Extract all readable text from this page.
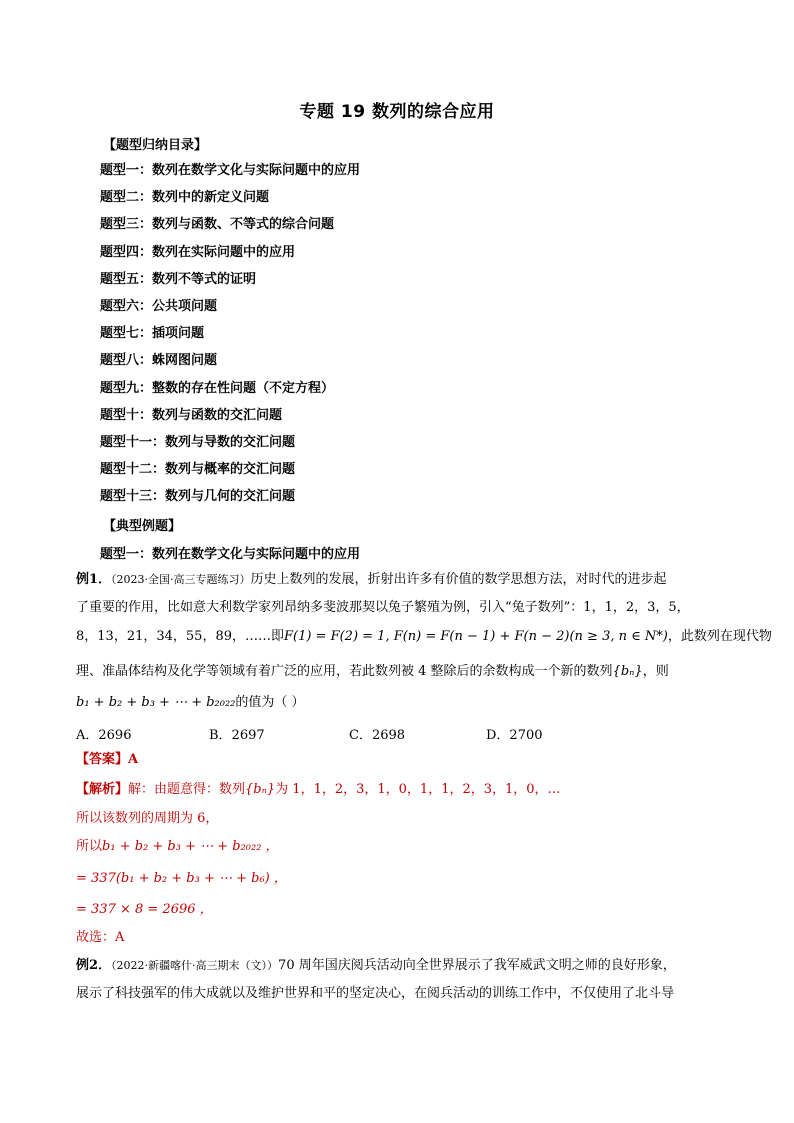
专题 19 数列的综合应用
【题型归纳目录】
题型一：数列在数学文化与实际问题中的应用
题型二：数列中的新定义问题
题型三：数列与函数、不等式的综合问题
题型四：数列在实际问题中的应用
题型五：数列不等式的证明
题型六：公共项问题
题型七：插项问题
题型八：蛛网图问题
题型九：整数的存在性问题（不定方程）
题型十：数列与函数的交汇问题
题型十一：数列与导数的交汇问题
题型十二：数列与概率的交汇问题
题型十三：数列与几何的交汇问题
【典型例题】
题型一：数列在数学文化与实际问题中的应用
例1．（2023·全国·高三专题练习）历史上数列的发展，折射出许多有价值的数学思想方法，对时代的进步起
了重要的作用，比如意大利数学家列昂纳多斐波那契以兔子繁殖为例，引入“兔子数列”：1，1，2，3，5，
8，13，21，34，55，89，……即F(1) = F(2) = 1, F(n) = F(n − 1) + F(n − 2)(n ≥ 3, n ∈ N*)，此数列在现代物
理、准晶体结构及化学等领域有着广泛的应用，若此数列被 4 整除后的余数构成一个新的数列{bₙ}，则
b₁ + b₂ + b₃ + ⋯ + b₂₀₂₂的值为（ ）
A．2696	B．2697	C．2698	D．2700
【答案】A
【解析】解：由题意得：数列{bₙ}为 1，1，2，3，1，0，1，1，2，3，1，0，…
所以该数列的周期为 6，
所以b₁ + b₂ + b₃ + ⋯ + b₂₀₂₂ ，
= 337(b₁ + b₂ + b₃ + ⋯ + b₆) ，
= 337 × 8 = 2696 ，
故选：A
例2．（2022·新疆喀什·高三期末（文））70 周年国庆阅兵活动向全世界展示了我军威武文明之师的良好形象，
展示了科技强军的伟大成就以及维护世界和平的坚定决心，在阅兵活动的训练工作中，不仅使用了北斗导
